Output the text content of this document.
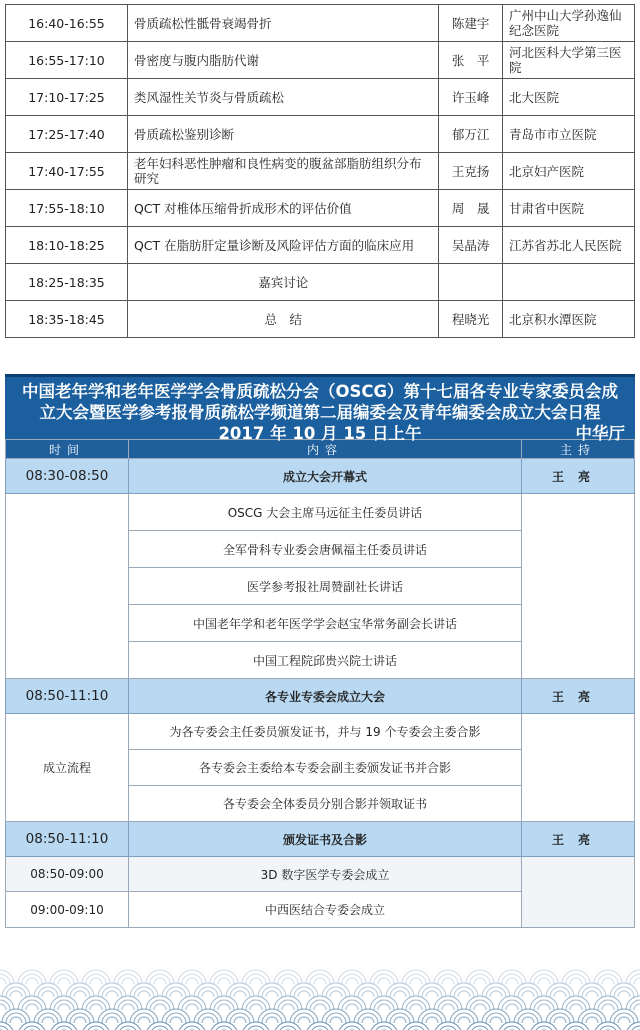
16:40-16:55	骨质疏松性骶骨衰竭骨折	陈建宇	广州中山大学孙逸仙纪念医院
16:55-17:10	骨密度与腹内脂肪代谢	张　平	河北医科大学第三医院
17:10-17:25	类风湿性关节炎与骨质疏松	许玉峰	北大医院
17:25-17:40	骨质疏松鉴别诊断	郁万江	青岛市市立医院
17:40-17:55	老年妇科恶性肿瘤和良性病变的腹盆部脂肪组织分布研究	王克扬	北京妇产医院
17:55-18:10	QCT 对椎体压缩骨折成形术的评估价值	周　晟	甘肃省中医院
18:10-18:25	QCT 在脂肪肝定量诊断及风险评估方面的临床应用	吴晶涛	江苏省苏北人民医院
18:25-18:35	嘉宾讨论		
18:35-18:45	总　结	程晓光	北京积水潭医院
中国老年学和老年医学学会骨质疏松分会（OSCG）第十七届各专业专家委员会成
立大会暨医学参考报骨质疏松学频道第二届编委会及青年编委会成立大会日程
2017 年 10 月 15 日上午	中华厅
时间	内容	主持
08:30-08:50	成立大会开幕式	王亮
	OSCG 大会主席马远征主任委员讲话	
	全军骨科专业委会唐佩福主任委员讲话	
	医学参考报社周赞副社长讲话	
	中国老年学和老年医学学会赵宝华常务副会长讲话	
	中国工程院邱贵兴院士讲话	
08:50-11:10	各专业专委会成立大会	王亮
成立流程	为各专委会主任委员颁发证书，并与 19 个专委会主委合影	
	各专委会主委给本专委会副主委颁发证书并合影	
	各专委会全体委员分别合影并领取证书	
08:50-11:10	颁发证书及合影	王亮
08:50-09:00	3D 数字医学专委会成立	
09:00-09:10	中西医结合专委会成立	
